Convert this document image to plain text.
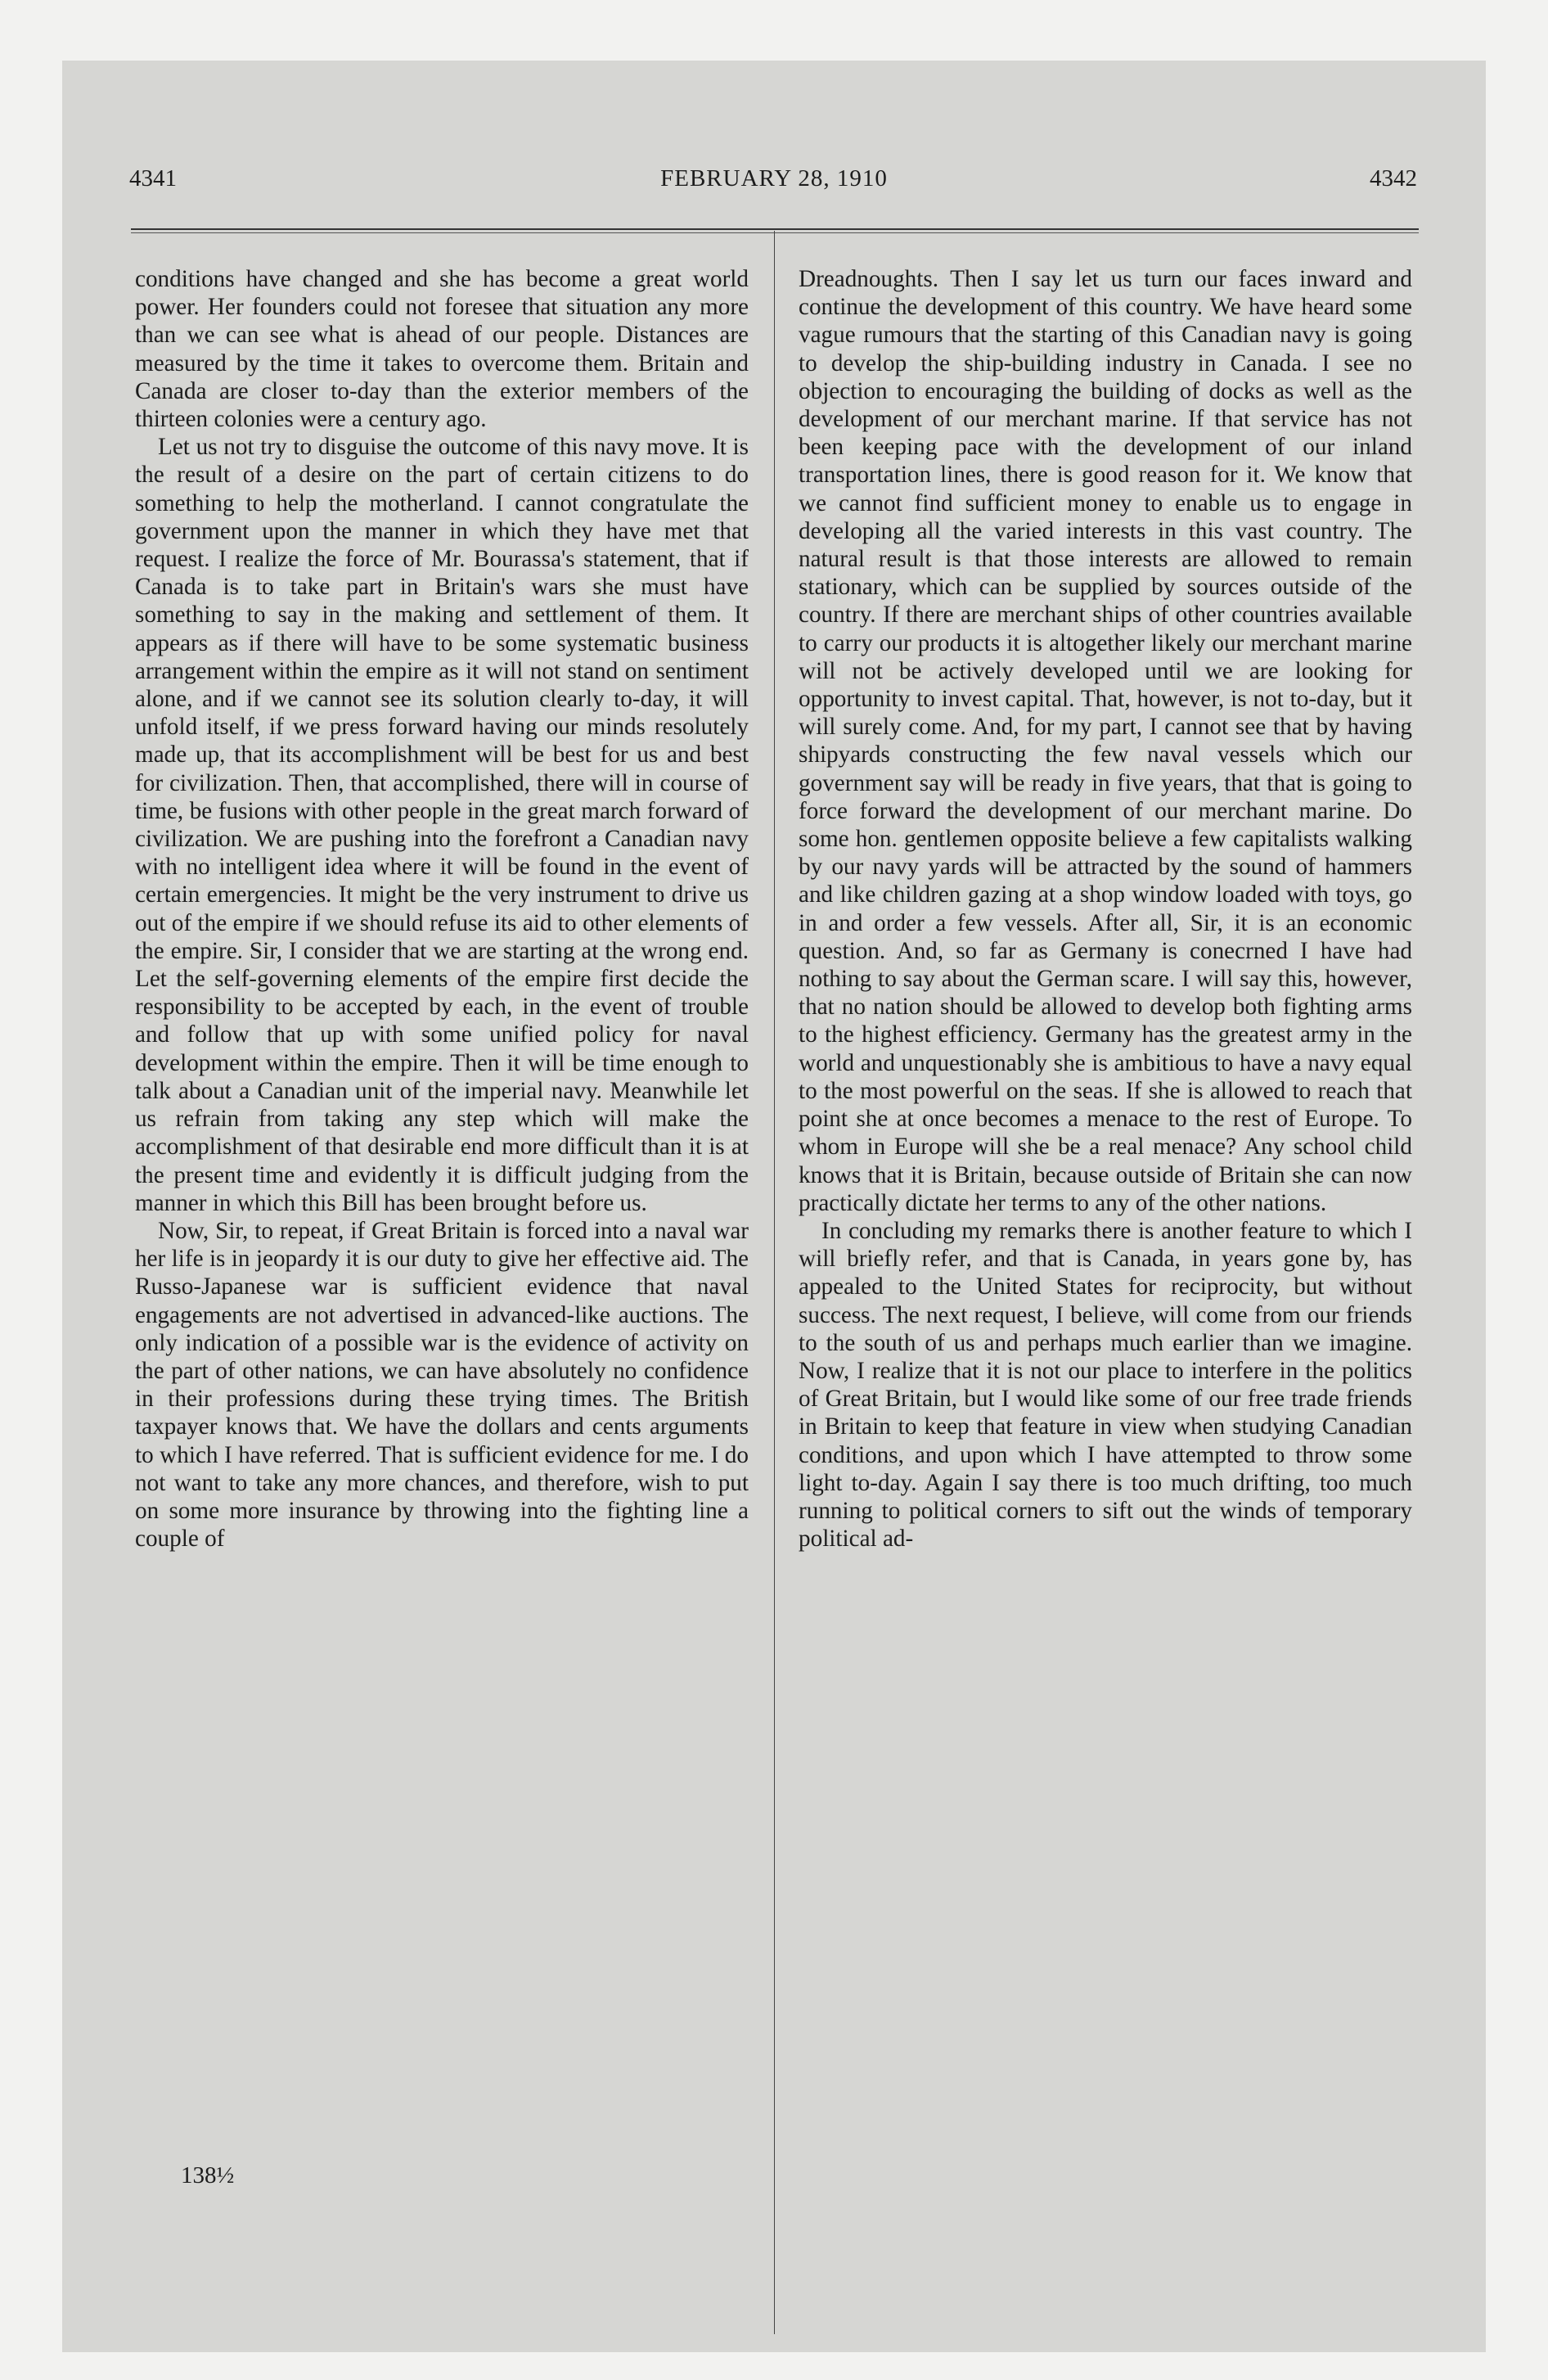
4341	FEBRUARY 28, 1910	4342

conditions have changed and she has become a great world power. Her founders could not foresee that situation any more than we can see what is ahead of our people. Distances are measured by the time it takes to overcome them. Britain and Canada are closer to-day than the exterior members of the thirteen colonies were a century ago.

Let us not try to disguise the outcome of this navy move. It is the result of a desire on the part of certain citizens to do something to help the motherland. I cannot congratulate the government upon the manner in which they have met that request. I realize the force of Mr. Bourassa's statement, that if Canada is to take part in Britain's wars she must have something to say in the making and settlement of them. It appears as if there will have to be some systematic business arrangement within the empire as it will not stand on sentiment alone, and if we cannot see its solution clearly to-day, it will unfold itself, if we press forward having our minds resolutely made up, that its accomplishment will be best for us and best for civilization. Then, that accomplished, there will in course of time, be fusions with other people in the great march forward of civilization. We are pushing into the forefront a Canadian navy with no intelligent idea where it will be found in the event of certain emergencies. It might be the very instrument to drive us out of the empire if we should refuse its aid to other elements of the empire. Sir, I consider that we are starting at the wrong end. Let the self-governing elements of the empire first decide the responsibility to be accepted by each, in the event of trouble and follow that up with some unified policy for naval development within the empire. Then it will be time enough to talk about a Canadian unit of the imperial navy. Meanwhile let us refrain from taking any step which will make the accomplishment of that desirable end more difficult than it is at the present time and evidently it is difficult judging from the manner in which this Bill has been brought before us.

Now, Sir, to repeat, if Great Britain is forced into a naval war her life is in jeopardy it is our duty to give her effective aid. The Russo-Japanese war is sufficient evidence that naval engagements are not advertised in advanced-like auctions. The only indication of a possible war is the evidence of activity on the part of other nations, we can have absolutely no confidence in their professions during these trying times. The British taxpayer knows that. We have the dollars and cents arguments to which I have referred. That is sufficient evidence for me. I do not want to take any more chances, and therefore, wish to put on some more insurance by throwing into the fighting line a couple of

Dreadnoughts. Then I say let us turn our faces inward and continue the development of this country. We have heard some vague rumours that the starting of this Canadian navy is going to develop the ship-building industry in Canada. I see no objection to encouraging the building of docks as well as the development of our merchant marine. If that service has not been keeping pace with the development of our inland transportation lines, there is good reason for it. We know that we cannot find sufficient money to enable us to engage in developing all the varied interests in this vast country. The natural result is that those interests are allowed to remain stationary, which can be supplied by sources outside of the country. If there are merchant ships of other countries available to carry our products it is altogether likely our merchant marine will not be actively developed until we are looking for opportunity to invest capital. That, however, is not to-day, but it will surely come. And, for my part, I cannot see that by having shipyards constructing the few naval vessels which our government say will be ready in five years, that that is going to force forward the development of our merchant marine. Do some hon. gentlemen opposite believe a few capitalists walking by our navy yards will be attracted by the sound of hammers and like children gazing at a shop window loaded with toys, go in and order a few vessels. After all, Sir, it is an economic question. And, so far as Germany is conecrned I have had nothing to say about the German scare. I will say this, however, that no nation should be allowed to develop both fighting arms to the highest efficiency. Germany has the greatest army in the world and unquestionably she is ambitious to have a navy equal to the most powerful on the seas. If she is allowed to reach that point she at once becomes a menace to the rest of Europe. To whom in Europe will she be a real menace? Any school child knows that it is Britain, because outside of Britain she can now practically dictate her terms to any of the other nations.

In concluding my remarks there is another feature to which I will briefly refer, and that is Canada, in years gone by, has appealed to the United States for reciprocity, but without success. The next request, I believe, will come from our friends to the south of us and perhaps much earlier than we imagine. Now, I realize that it is not our place to interfere in the politics of Great Britain, but I would like some of our free trade friends in Britain to keep that feature in view when studying Canadian conditions, and upon which I have attempted to throw some light to-day. Again I say there is too much drifting, too much running to political corners to sift out the winds of temporary political ad-

138½
